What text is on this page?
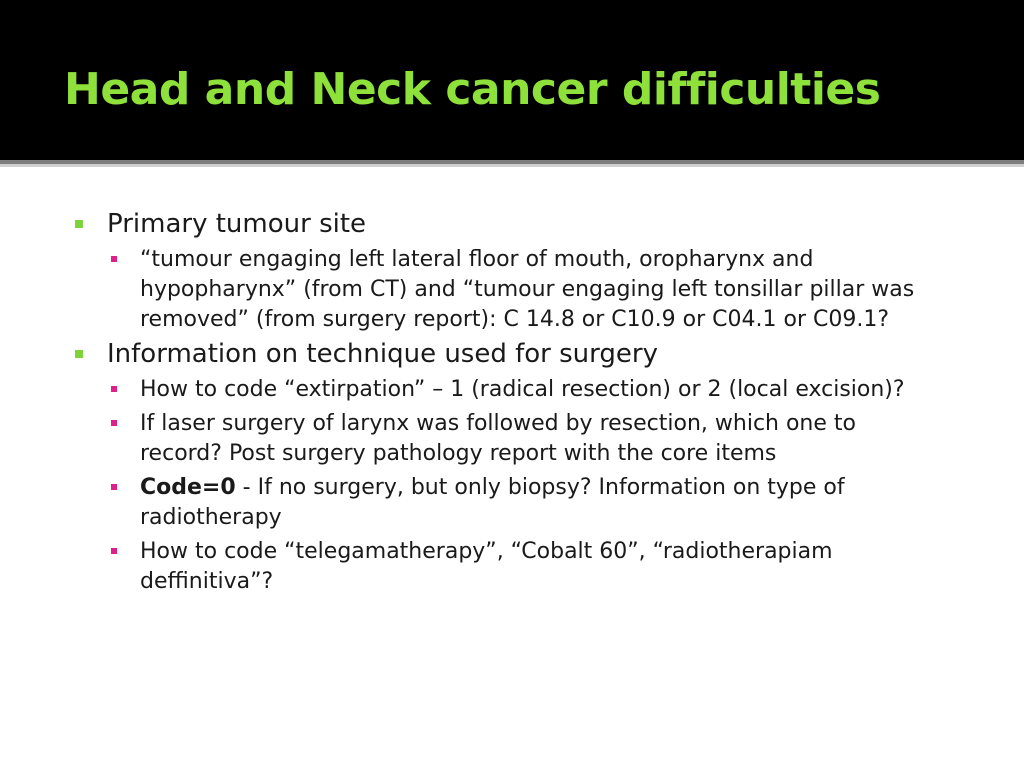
Head and Neck cancer difficulties
Primary tumour site
“tumour engaging left lateral floor of mouth, oropharynx and hypopharynx” (from CT) and “tumour engaging left tonsillar pillar was removed” (from surgery report): C 14.8 or C10.9 or C04.1 or C09.1?
Information on technique used for surgery
How to code “extirpation” – 1 (radical resection) or 2 (local excision)?
If laser surgery of larynx was followed by resection, which one to record? Post surgery pathology report with the core items
Code=0 - If no surgery, but only biopsy? Information on type of radiotherapy
How to code “telegamatherapy”, “Cobalt 60”, “radiotherapiam deffinitiva”?
